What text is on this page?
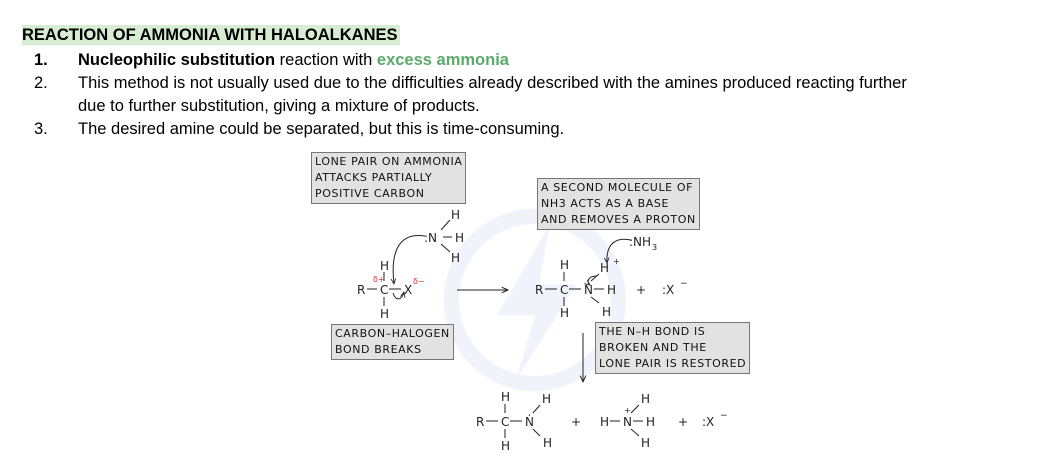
REACTION OF AMMONIA WITH HALOALKANES
1. Nucleophilic substitution reaction with excess ammonia
2. This method is not usually used due to the difficulties already described with the amines produced reacting further
due to further substitution, giving a mixture of products.
3. The desired amine could be separated, but this is time-consuming.
LONE PAIR ON AMMONIA
ATTACKS PARTIALLY
POSITIVE CARBON	A SECOND MOLECULE OF
NH3 ACTS AS A BASE
AND REMOVES A PROTON
CARBON–HALOGEN
BOND BREAKS
THE N–H BOND IS
BROKEN AND THE
LONE PAIR IS RESTORED
:N H
H
H
R C X
H
H
δ+	δ−
R C N H
H
H
H +
H
+ :X −
:NH 3
R C Ṅ
H
H
H
H
+ H N
+
H
H
H
+ :X −
